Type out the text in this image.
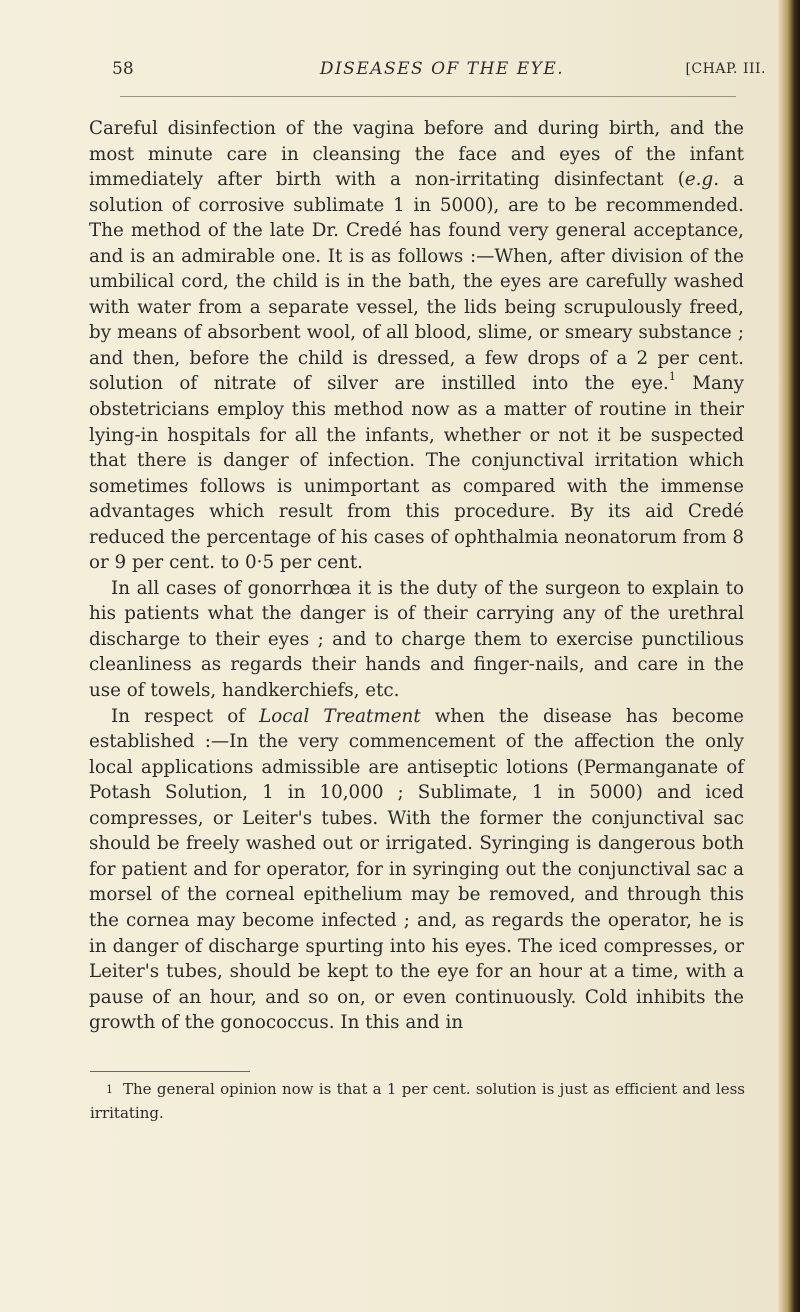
58	DISEASES OF THE EYE.	[CHAP. III.

Careful disinfection of the vagina before and during birth, and the most minute care in cleansing the face and eyes of the infant immediately after birth with a non-irritating disinfectant (e.g. a solution of corrosive sublimate 1 in 5000), are to be recommended. The method of the late Dr. Credé has found very general acceptance, and is an admirable one. It is as follows :—When, after division of the umbilical cord, the child is in the bath, the eyes are carefully washed with water from a separate vessel, the lids being scrupulously freed, by means of absorbent wool, of all blood, slime, or smeary substance ; and then, before the child is dressed, a few drops of a 2 per cent. solution of nitrate of silver are instilled into the eye.$^1$ Many obstetricians employ this method now as a matter of routine in their lying-in hospitals for all the infants, whether or not it be suspected that there is danger of infection. The conjunctival irritation which sometimes follows is unimportant as compared with the immense advantages which result from this procedure. By its aid Credé reduced the percentage of his cases of ophthalmia neonatorum from 8 or 9 per cent. to 0·5 per cent.

In all cases of gonorrhœa it is the duty of the surgeon to explain to his patients what the danger is of their carrying any of the urethral discharge to their eyes ; and to charge them to exercise punctilious cleanliness as regards their hands and finger-nails, and care in the use of towels, handkerchiefs, etc.

In respect of Local Treatment when the disease has become established :—In the very commencement of the affection the only local applications admissible are antiseptic lotions (Permanganate of Potash Solution, 1 in 10,000 ; Sublimate, 1 in 5000) and iced compresses, or Leiter's tubes. With the former the conjunctival sac should be freely washed out or irrigated. Syringing is dangerous both for patient and for operator, for in syringing out the conjunctival sac a morsel of the corneal epithelium may be removed, and through this the cornea may become infected ; and, as regards the operator, he is in danger of discharge spurting into his eyes. The iced compresses, or Leiter's tubes, should be kept to the eye for an hour at a time, with a pause of an hour, and so on, or even continuously. Cold inhibits the growth of the gonococcus. In this and in

1 The general opinion now is that a 1 per cent. solution is just as efficient and less irritating.
